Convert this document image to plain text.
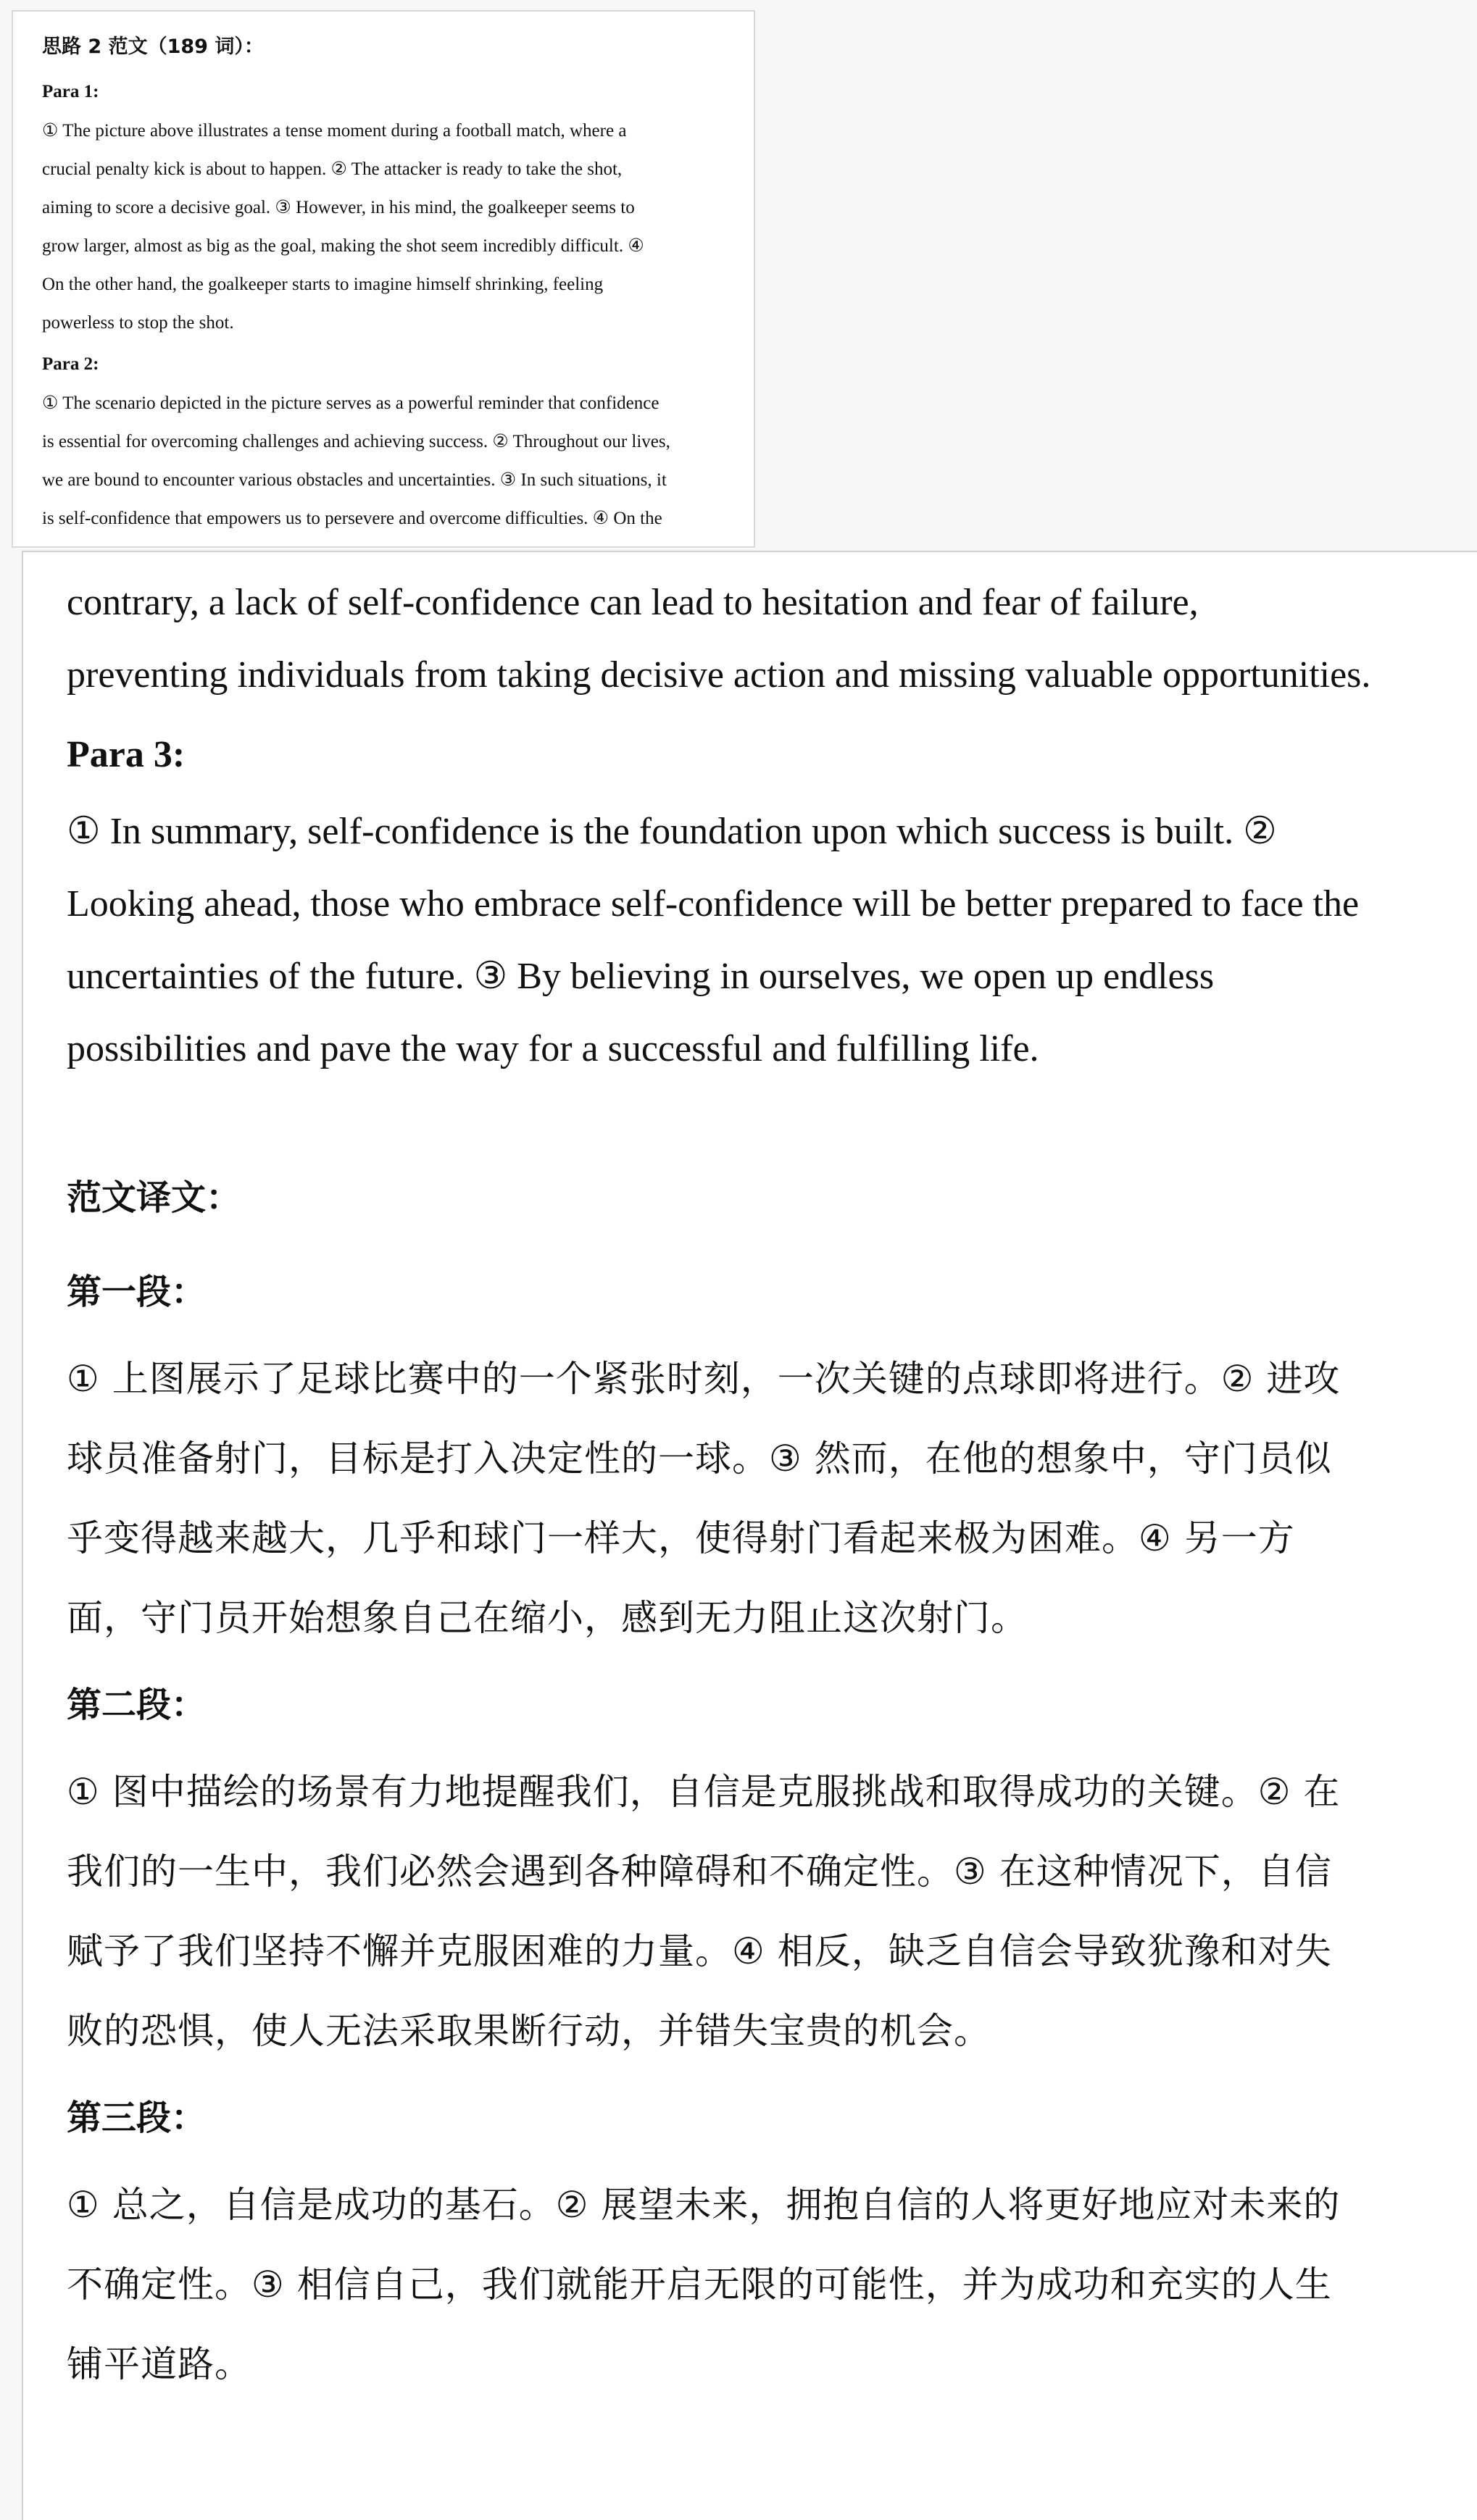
思路 2 范文（189 词）：
Para 1:

① The picture above illustrates a tense moment during a football match, where a

crucial penalty kick is about to happen. ② The attacker is ready to take the shot,

aiming to score a decisive goal. ③ However, in his mind, the goalkeeper seems to

grow larger, almost as big as the goal, making the shot seem incredibly difficult. ④

On the other hand, the goalkeeper starts to imagine himself shrinking, feeling

powerless to stop the shot.

Para 2:

① The scenario depicted in the picture serves as a powerful reminder that confidence

is essential for overcoming challenges and achieving success. ② Throughout our lives,

we are bound to encounter various obstacles and uncertainties. ③ In such situations, it

is self-confidence that empowers us to persevere and overcome difficulties. ④ On the

contrary, a lack of self-confidence can lead to hesitation and fear of failure,

preventing individuals from taking decisive action and missing valuable opportunities.

Para 3:

① In summary, self-confidence is the foundation upon which success is built. ②

Looking ahead, those who embrace self-confidence will be better prepared to face the

uncertainties of the future. ③ By believing in ourselves, we open up endless

possibilities and pave the way for a successful and fulfilling life.

范文译文：
第一段：

① 上图展示了足球比赛中的一个紧张时刻，一次关键的点球即将进行。② 进攻

球员准备射门，目标是打入决定性的一球。③ 然而，在他的想象中，守门员似

乎变得越来越大，几乎和球门一样大，使得射门看起来极为困难。④ 另一方

面，守门员开始想象自己在缩小，感到无力阻止这次射门。

第二段：

① 图中描绘的场景有力地提醒我们，自信是克服挑战和取得成功的关键。② 在

我们的一生中，我们必然会遇到各种障碍和不确定性。③ 在这种情况下，自信

赋予了我们坚持不懈并克服困难的力量。④ 相反，缺乏自信会导致犹豫和对失

败的恐惧，使人无法采取果断行动，并错失宝贵的机会。

第三段：

① 总之，自信是成功的基石。② 展望未来，拥抱自信的人将更好地应对未来的

不确定性。③ 相信自己，我们就能开启无限的可能性，并为成功和充实的人生

铺平道路。
